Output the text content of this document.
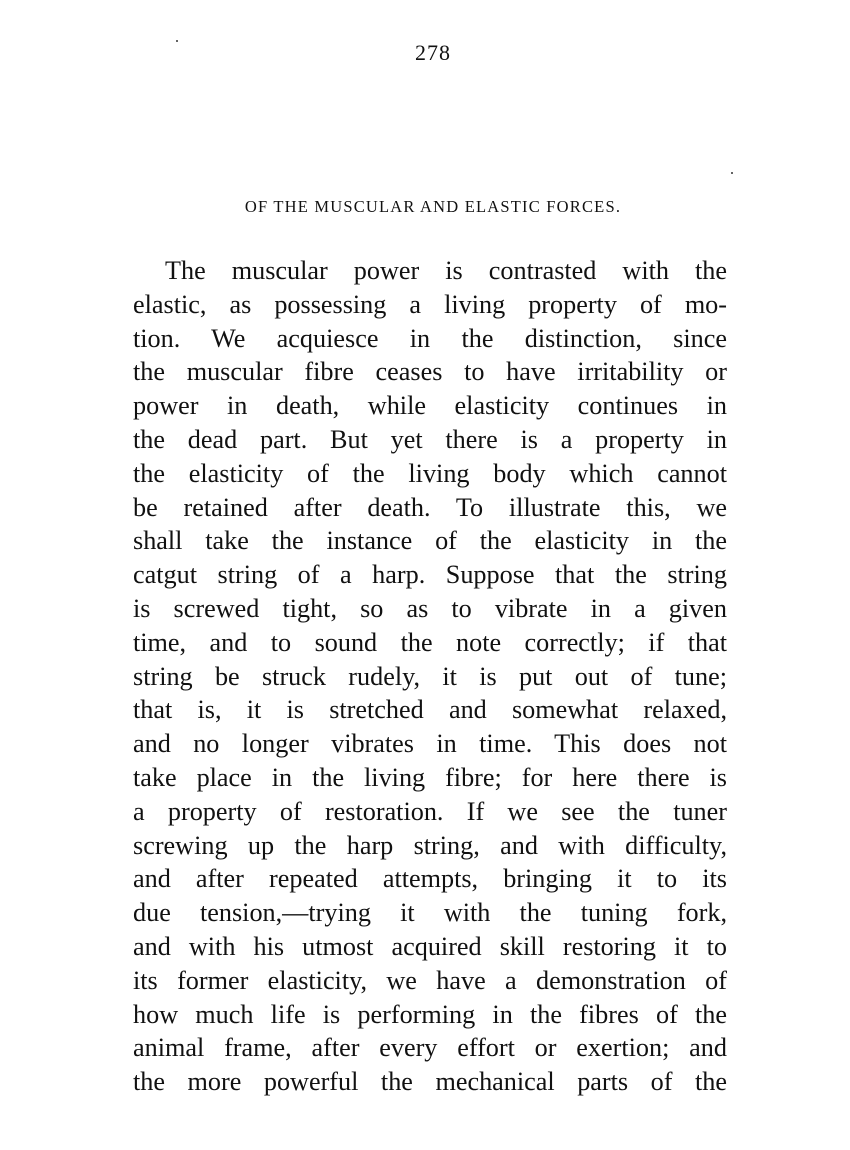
278
OF THE MUSCULAR AND ELASTIC FORCES.
The muscular power is contrasted with the
elastic, as possessing a living property of mo-
tion. We acquiesce in the distinction, since
the muscular fibre ceases to have irritability or
power in death, while elasticity continues in
the dead part. But yet there is a property in
the elasticity of the living body which cannot
be retained after death. To illustrate this, we
shall take the instance of the elasticity in the
catgut string of a harp. Suppose that the string
is screwed tight, so as to vibrate in a given
time, and to sound the note correctly; if that
string be struck rudely, it is put out of tune;
that is, it is stretched and somewhat relaxed,
and no longer vibrates in time. This does not
take place in the living fibre; for here there is
a property of restoration. If we see the tuner
screwing up the harp string, and with difficulty,
and after repeated attempts, bringing it to its
due tension,—trying it with the tuning fork,
and with his utmost acquired skill restoring it to
its former elasticity, we have a demonstration of
how much life is performing in the fibres of the
animal frame, after every effort or exertion; and
the more powerful the mechanical parts of the
